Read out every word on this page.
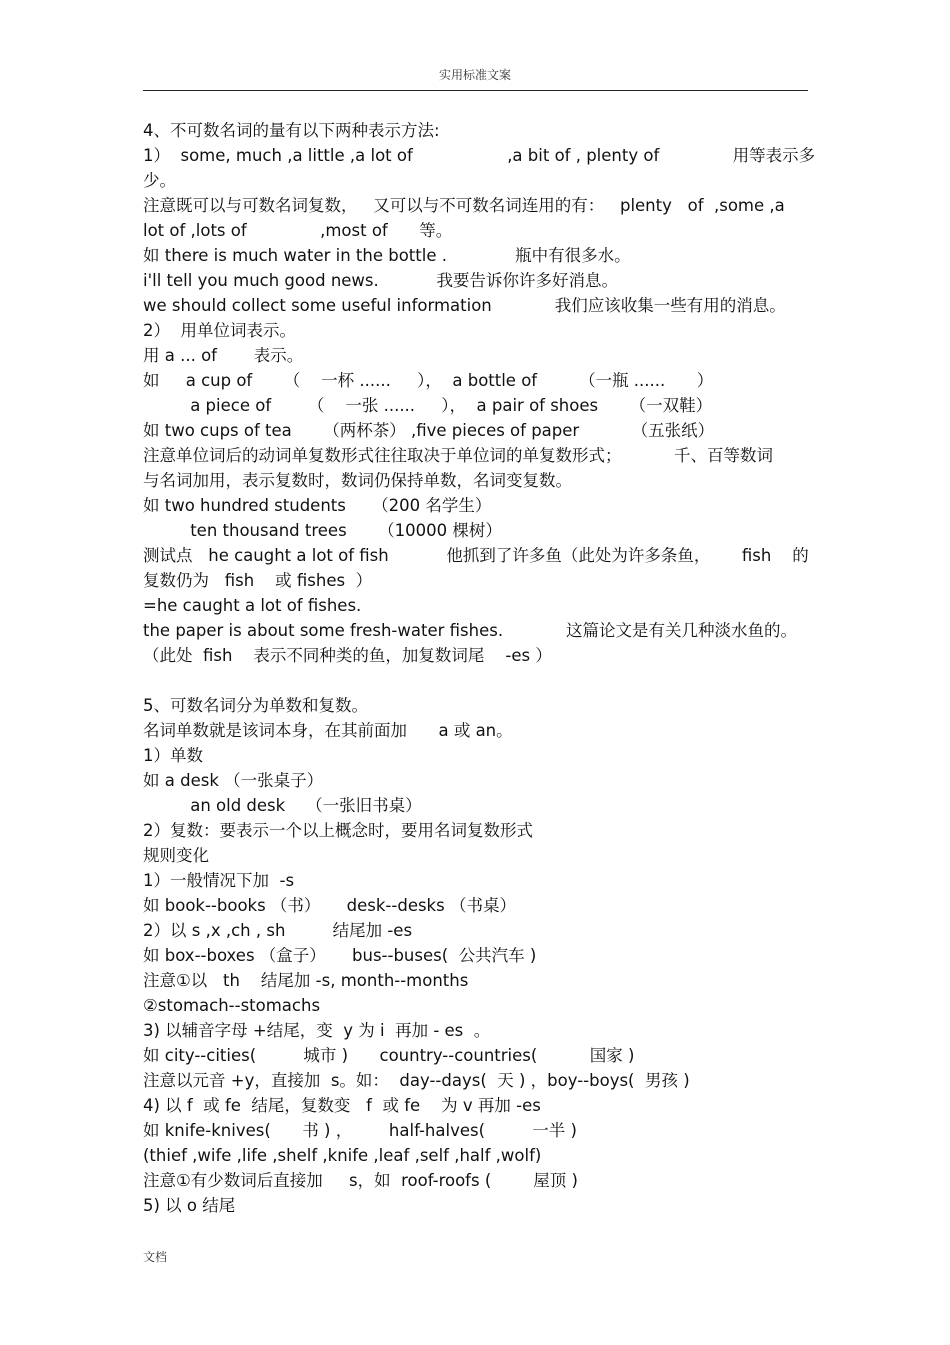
实用标准文案
4、不可数名词的量有以下两种表示方法:
1）  some, much ,a little ,a lot of                  ,a bit of , plenty of              用等表示多
少。
注意既可以与可数名词复数，   又可以与不可数名词连用的有：   plenty   of  ,some ,a
lot of ,lots of              ,most of      等。
如 there is much water in the bottle .             瓶中有很多水。
i'll tell you much good news.           我要告诉你许多好消息。
we should collect some useful information            我们应该收集一些有用的消息。
2）  用单位词表示。
用 a ... of       表示。
如     a cup of      （    一杯 ......     ），  a bottle of        （一瓶 ......      ）
a piece of       （    一张 ......     ），  a pair of shoes      （一双鞋）
如 two cups of tea      （两杯茶） ,five pieces of paper          （五张纸）
注意单位词后的动词单复数形式往往取决于单位词的单复数形式；          千、百等数词
与名词加用，表示复数时，数词仍保持单数，名词变复数。
如 two hundred students     （200 名学生）
ten thousand trees      （10000 棵树）
测试点   he caught a lot of fish           他抓到了许多鱼（此处为许多条鱼，      fish    的
复数仍为   fish    或 fishes  ）
=he caught a lot of fishes.
the paper is about some fresh-water fishes.            这篇论文是有关几种淡水鱼的。
（此处  fish    表示不同种类的鱼，加复数词尾    -es ）
5、可数名词分为单数和复数。
名词单数就是该词本身，在其前面加      a 或 an。
1）单数
如 a desk （一张桌子）
an old desk    （一张旧书桌）
2）复数：要表示一个以上概念时，要用名词复数形式
规则变化
1）一般情况下加  -s
如 book--books （书）     desk--desks （书桌）
2）以 s ,x ,ch , sh         结尾加 -es
如 box--boxes （盒子）     bus--buses(  公共汽车 )
注意①以   th    结尾加 -s, month--months
②stomach--stomachs
3) 以辅音字母 +结尾，变  y 为 i  再加 - es  。
如 city--cities(         城市 )      country--countries(          国家 )
注意以元音 +y，直接加  s。如：  day--days(  天 ) ，boy--boys(  男孩 )
4) 以 f  或 fe  结尾，复数变   f  或 fe    为 v 再加 -es
如 knife-knives(      书 ) ，       half-halves(         一半 )
(thief ,wife ,life ,shelf ,knife ,leaf ,self ,half ,wolf)
注意①有少数词后直接加     s，如  roof-roofs (        屋顶 )
5) 以 o 结尾
文档
